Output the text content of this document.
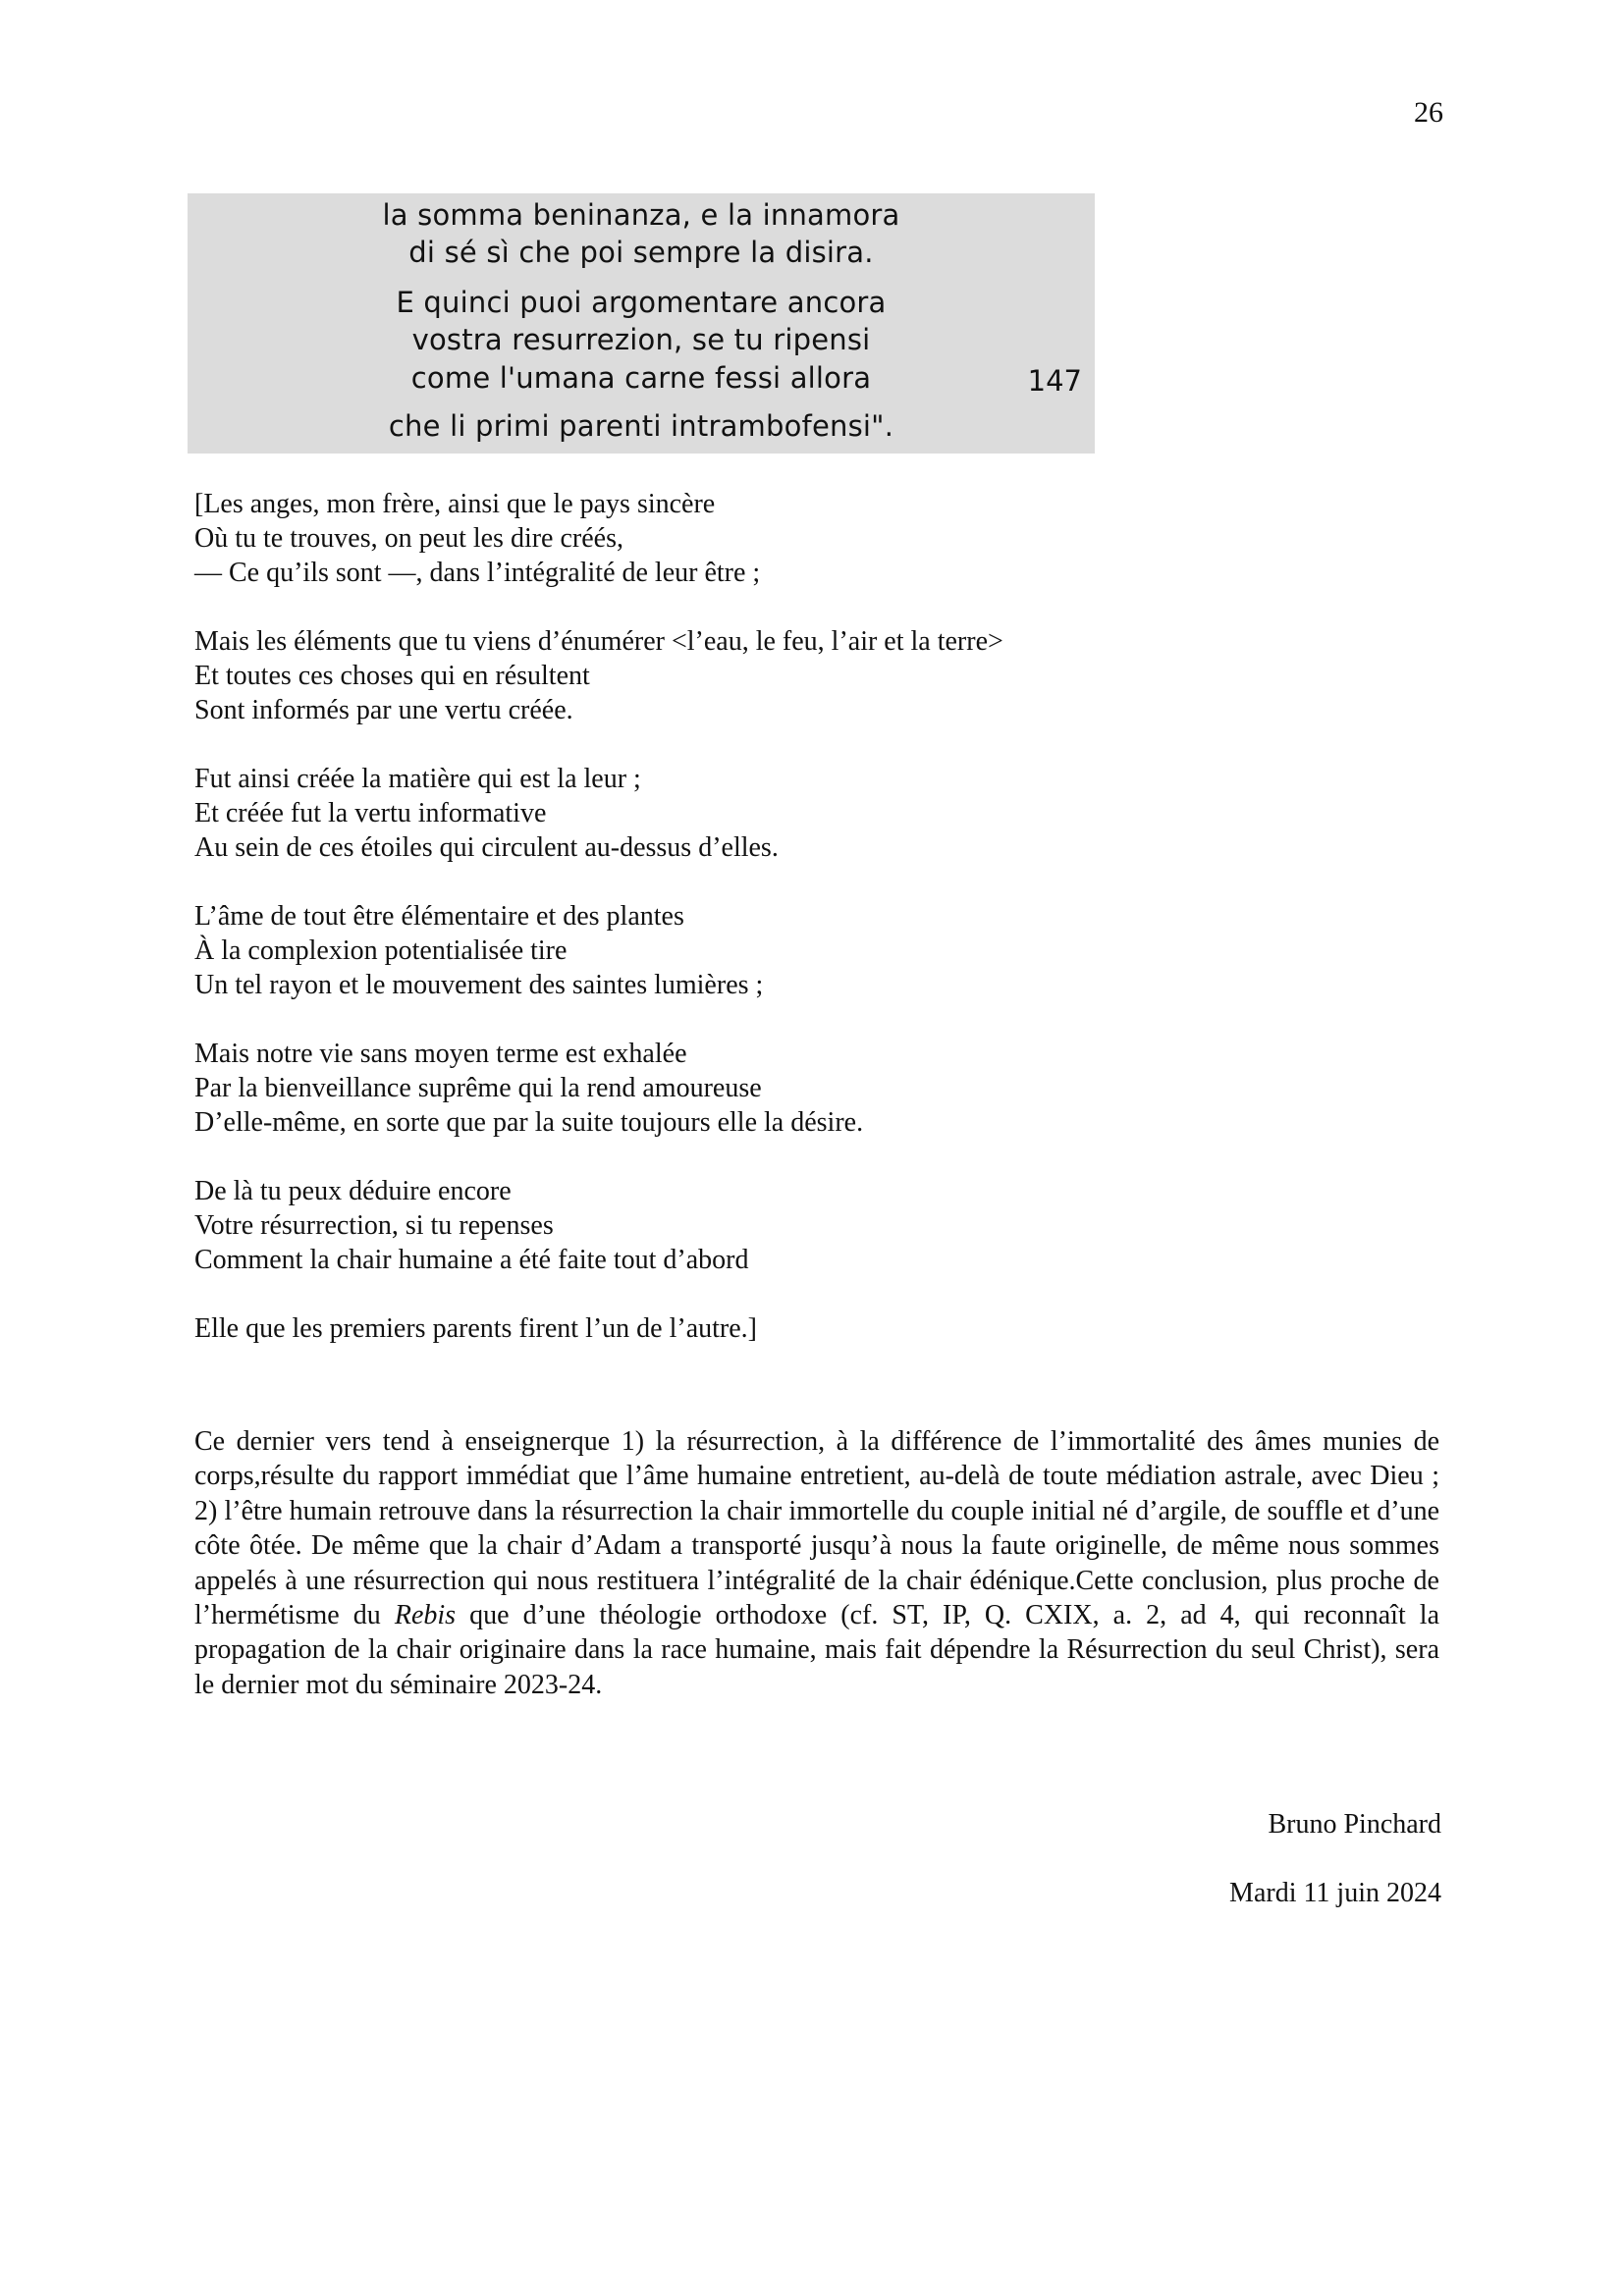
26
la somma beninanza, e la innamora
di sé sì che poi sempre la disira.
E quinci puoi argomentare ancora
vostra resurrezion, se tu ripensi
come l'umana carne fessi allora
che li primi parenti intrambofensi".
147
[Les anges, mon frère, ainsi que le pays sincère
Où tu te trouves, on peut les dire créés,
— Ce qu’ils sont —, dans l’intégralité de leur être ;
Mais les éléments que tu viens d’énumérer <l’eau, le feu, l’air et la terre>
Et toutes ces choses qui en résultent
Sont informés par une vertu créée.
Fut ainsi créée la matière qui est la leur ;
Et créée fut la vertu informative
Au sein de ces étoiles qui circulent au-dessus d’elles.
L’âme de tout être élémentaire et des plantes
À la complexion potentialisée tire
Un tel rayon et le mouvement des saintes lumières ;
Mais notre vie sans moyen terme est exhalée
Par la bienveillance suprême qui la rend amoureuse
D’elle-même, en sorte que par la suite toujours elle la désire.
De là tu peux déduire encore
Votre résurrection, si tu repenses
Comment la chair humaine a été faite tout d’abord
Elle que les premiers parents firent l’un de l’autre.]

Ce dernier vers tend à enseignerque 1) la résurrection, à la différence de l’immortalité des âmes munies de corps,résulte du rapport immédiat que l’âme humaine entretient, au-delà de toute médiation astrale, avec Dieu ; 2) l’être humain retrouve dans la résurrection la chair immortelle du couple initial né d’argile, de souffle et d’une côte ôtée. De même que la chair d’Adam a transporté jusqu’à nous la faute originelle, de même nous sommes appelés à une résurrection qui nous restituera l’intégralité de la chair édénique.Cette conclusion, plus proche de l’hermétisme du Rebis que d’une théologie orthodoxe (cf. ST, IP, Q. CXIX, a. 2, ad 4, qui reconnaît la propagation de la chair originaire dans la race humaine, mais fait dépendre la Résurrection du seul Christ), sera le dernier mot du séminaire 2023-24.

Bruno Pinchard
Mardi 11 juin 2024
